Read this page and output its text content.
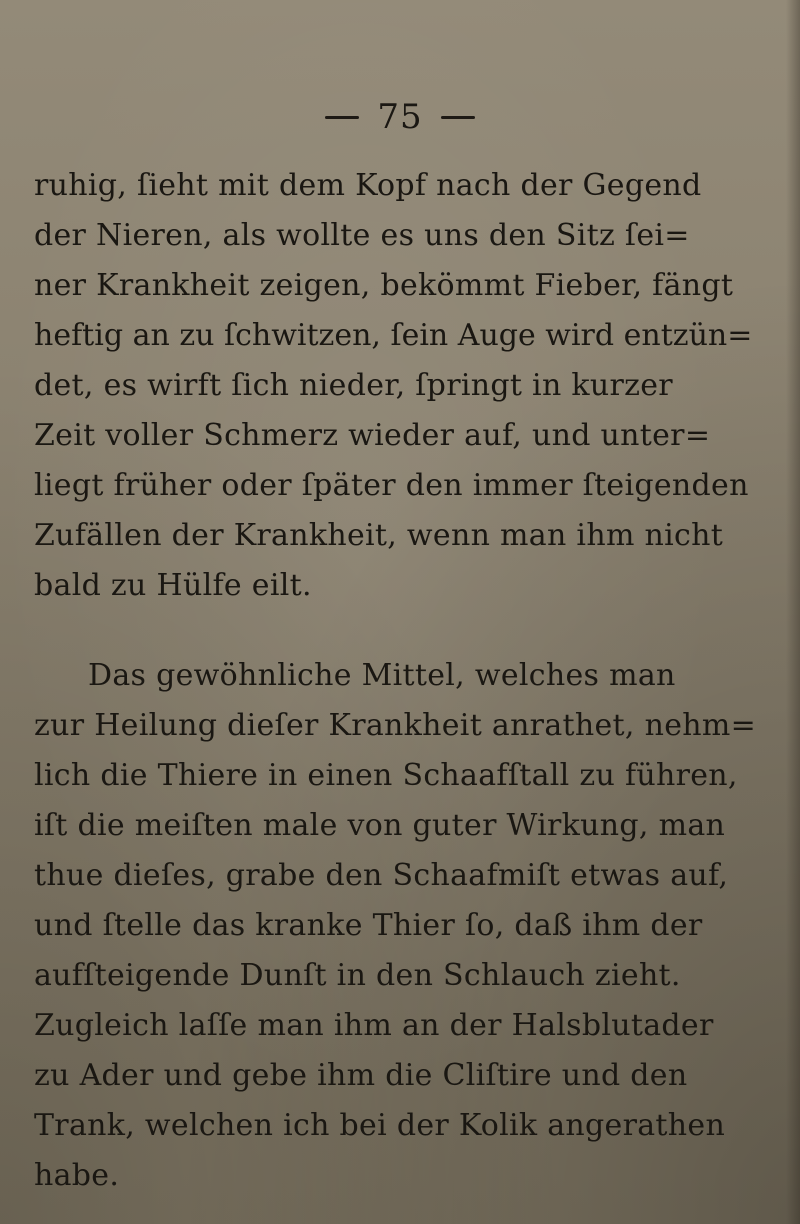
75
ruhig, ſieht mit dem Kopf nach der Gegend
der Nieren, als wollte es uns den Sitz ſei=
ner Krankheit zeigen, bekömmt Fieber, fängt
heftig an zu ſchwitzen, ſein Auge wird entzün=
det, es wirft ſich nieder, ſpringt in kurzer
Zeit voller Schmerz wieder auf, und unter=
liegt früher oder ſpäter den immer ſteigenden
Zufällen der Krankheit, wenn man ihm nicht
bald zu Hülfe eilt.
Das gewöhnliche Mittel, welches man
zur Heilung dieſer Krankheit anrathet, nehm=
lich die Thiere in einen Schaafſtall zu führen,
iſt die meiſten male von guter Wirkung, man
thue dieſes, grabe den Schaafmiſt etwas auf,
und ſtelle das kranke Thier ſo, daß ihm der
aufſteigende Dunſt in den Schlauch zieht.
Zugleich laſſe man ihm an der Halsblutader
zu Ader und gebe ihm die Cliſtire und den
Trank, welchen ich bei der Kolik angerathen
habe.
